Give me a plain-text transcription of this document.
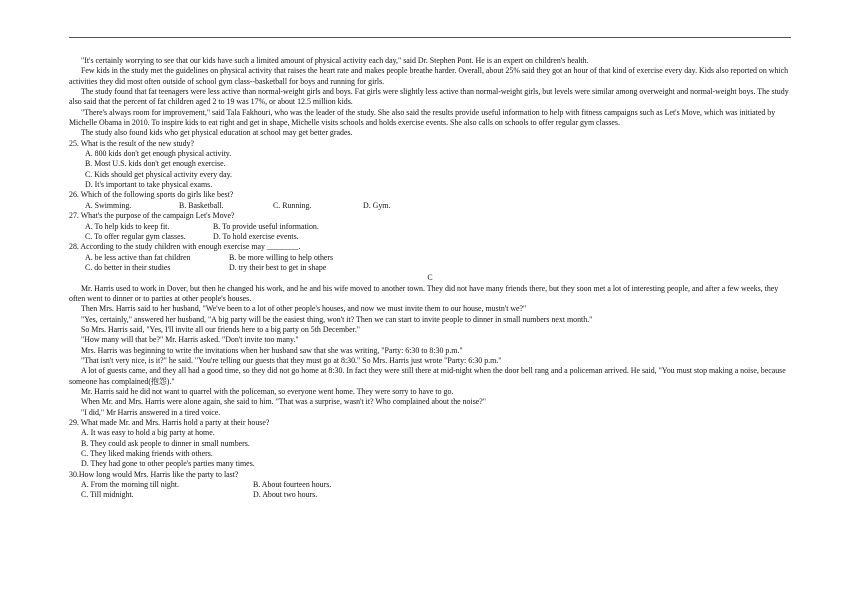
"It's certainly worrying to see that our kids have such a limited amount of physical activity each day," said Dr. Stephen Pont. He is an expert on children's health.

Few kids in the study met the guidelines on physical activity that raises the heart rate and makes people breathe harder. Overall, about 25% said they got an hour of that kind of exercise every day. Kids also reported on which activities they did most often outside of school gym class--basketball for boys and running for girls.

The study found that fat teenagers were less active than normal-weight girls and boys. Fat girls were slightly less active than normal-weight girls, but levels were similar among overweight and normal-weight boys. The study also said that the percent of fat children aged 2 to 19 was 17%, or about 12.5 million kids.

"There's always room for improvement," said Tala Fakhouri, who was the leader of the study. She also said the results provide useful information to help with fitness campaigns such as Let's Move, which was initiated by Michelle Obama in 2010. To inspire kids to eat right and get in shape, Michelle visits schools and holds exercise events. She also calls on schools to offer regular gym classes.

The study also found kids who get physical education at school may get better grades.

25. What is the result of the new study?

A. 800 kids don't get enough physical activity.

B. Most U.S. kids don't get enough exercise.

C. Kids should get physical activity every day.

D. It's important to take physical exams.

26. Which of the following sports do girls like best?

A. Swimming.	B. Basketball.	C. Running.	D. Gym.

27. What's the purpose of the campaign Let's Move?

A. To help kids to keep fit.	B. To provide useful information.
C. To offer regular gym classes.	D. To hold exercise events.

28. According to the study children with enough exercise may ________.

A. be less active than fat children	B. be more willing to help others
C. do better in their studies	D. try their best to get in shape

C

Mr. Harris used to work in Dover, but then he changed his work, and he and his wife moved to another town. They did not have many friends there, but they soon met a lot of interesting people, and after a few weeks, they often went to dinner or to parties at other people's houses.

Then Mrs. Harris said to her husband, "We've been to a lot of other people's houses, and now we must invite them to our house, mustn't we?"

"Yes, certainly," answered her husband, "A big party will be the easiest thing, won't it? Then we can start to invite people to dinner in small numbers next month."

So Mrs. Harris said, "Yes, I'll invite all our friends here to a big party on 5th December."

"How many will that be?" Mr. Harris asked. "Don't invite too many."

Mrs. Harris was beginning to write the invitations when her husband saw that she was writing, "Party: 6:30 to 8:30 p.m."

"That isn't very nice, is it?" he said. "You're telling our guests that they must go at 8:30." So Mrs. Harris just wrote "Party: 6:30 p.m."

A lot of guests came, and they all had a good time, so they did not go home at 8:30. In fact they were still there at mid-night when the door bell rang and a policeman arrived. He said, "You must stop making a noise, because someone has complained(抱怨)."

Mr. Harris said he did not want to quarrel with the policeman, so everyone went home. They were sorry to have to go.

When Mr. and Mrs. Harris were alone again, she said to him. "That was a surprise, wasn't it? Who complained about the noise?"

"I did," Mr Harris answered in a tired voice.

29. What made Mr. and Mrs. Harris hold a party at their house?

A. It was easy to hold a big party at home.

B. They could ask people to dinner in small numbers.

C. They liked making friends with others.

D. They had gone to other people's parties many times.

30.How long would Mrs. Harris like the party to last?

A. From the morning till night.	B. About fourteen hours.
C. Till midnight.	D. About two hours.
